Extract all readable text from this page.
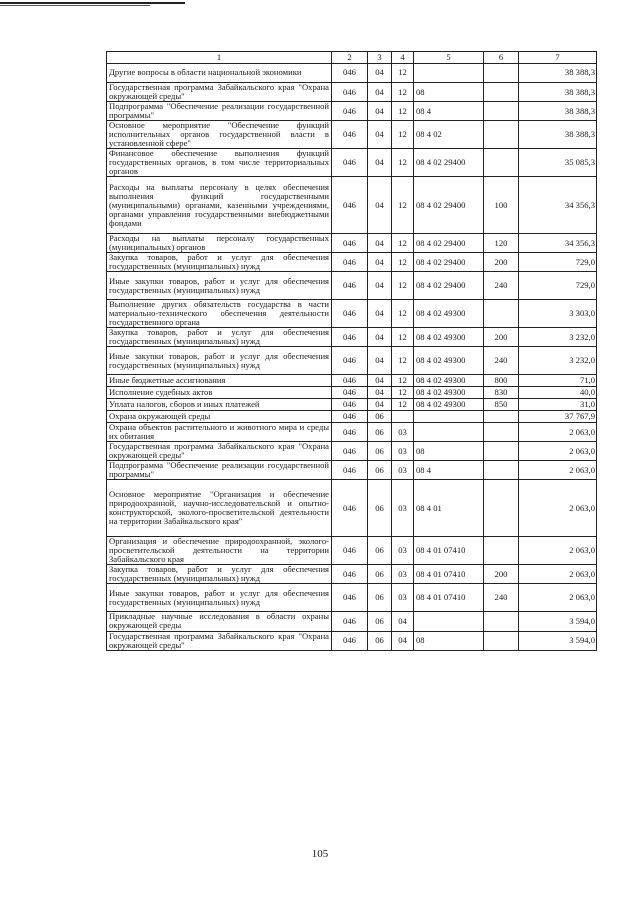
1	2	3	4	5	6	7
Другие вопросы в области национальной экономики	046	04	12			38 388,3
Государственная программа Забайкальского края "Охрана окружающей среды"	046	04	12	08		38 388,3
Подпрограмма "Обеспечение реализации государственной программы"	046	04	12	08 4		38 388,3
Основное мероприятие "Обеспечение функций исполнительных органов государственной власти в установленной сфере"	046	04	12	08 4 02		38 388,3
Финансовое обеспечение выполнения функций государственных органов, в том числе территориальных органов	046	04	12	08 4 02 29400		35 085,3
Расходы на выплаты персоналу в целях обеспечения выполнения функций государственными (муниципальными) органами, казенными учреждениями, органами управления государственными внебюджетными фондами	046	04	12	08 4 02 29400	100	34 356,3
Расходы на выплаты персоналу государственных (муниципальных) органов	046	04	12	08 4 02 29400	120	34 356,3
Закупка товаров, работ и услуг для обеспечения государственных (муниципальных) нужд	046	04	12	08 4 02 29400	200	729,0
Иные закупки товаров, работ и услуг для обеспечения государственных (муниципальных) нужд	046	04	12	08 4 02 29400	240	729,0
Выполнение других обязательств государства в части материально-технического обеспечения деятельности государственного органа	046	04	12	08 4 02 49300		3 303,0
Закупка товаров, работ и услуг для обеспечения государственных (муниципальных) нужд	046	04	12	08 4 02 49300	200	3 232,0
Иные закупки товаров, работ и услуг для обеспечения государственных (муниципальных) нужд	046	04	12	08 4 02 49300	240	3 232,0
Иные бюджетные ассигнования	046	04	12	08 4 02 49300	800	71,0
Исполнение судебных актов	046	04	12	08 4 02 49300	830	40,0
Уплата налогов, сборов и иных платежей	046	04	12	08 4 02 49300	850	31,0
Охрана окружающей среды	046	06				37 767,9
Охрана объектов растительного и животного мира и среды их обитания	046	06	03			2 063,0
Государственная программа Забайкальского края "Охрана окружающей среды"	046	06	03	08		2 063,0
Подпрограмма "Обеспечение реализации государственной программы"	046	06	03	08 4		2 063,0
Основное мероприятие "Организация и обеспечение природоохранной, научно-исследовательской и опытно- конструкторской, эколого-просветительской деятельности на территории Забайкальского края"	046	06	03	08 4 01		2 063,0
Организация и обеспечение природоохранной, эколого-просветительской деятельности на территории Забайкальского края	046	06	03	08 4 01 07410		2 063,0
Закупка товаров, работ и услуг для обеспечения государственных (муниципальных) нужд	046	06	03	08 4 01 07410	200	2 063,0
Иные закупки товаров, работ и услуг для обеспечения государственных (муниципальных) нужд	046	06	03	08 4 01 07410	240	2 063,0
Прикладные научные исследования в области охраны окружающей среды	046	06	04			3 594,0
Государственная программа Забайкальского края "Охрана окружающей среды"	046	06	04	08		3 594,0
105
